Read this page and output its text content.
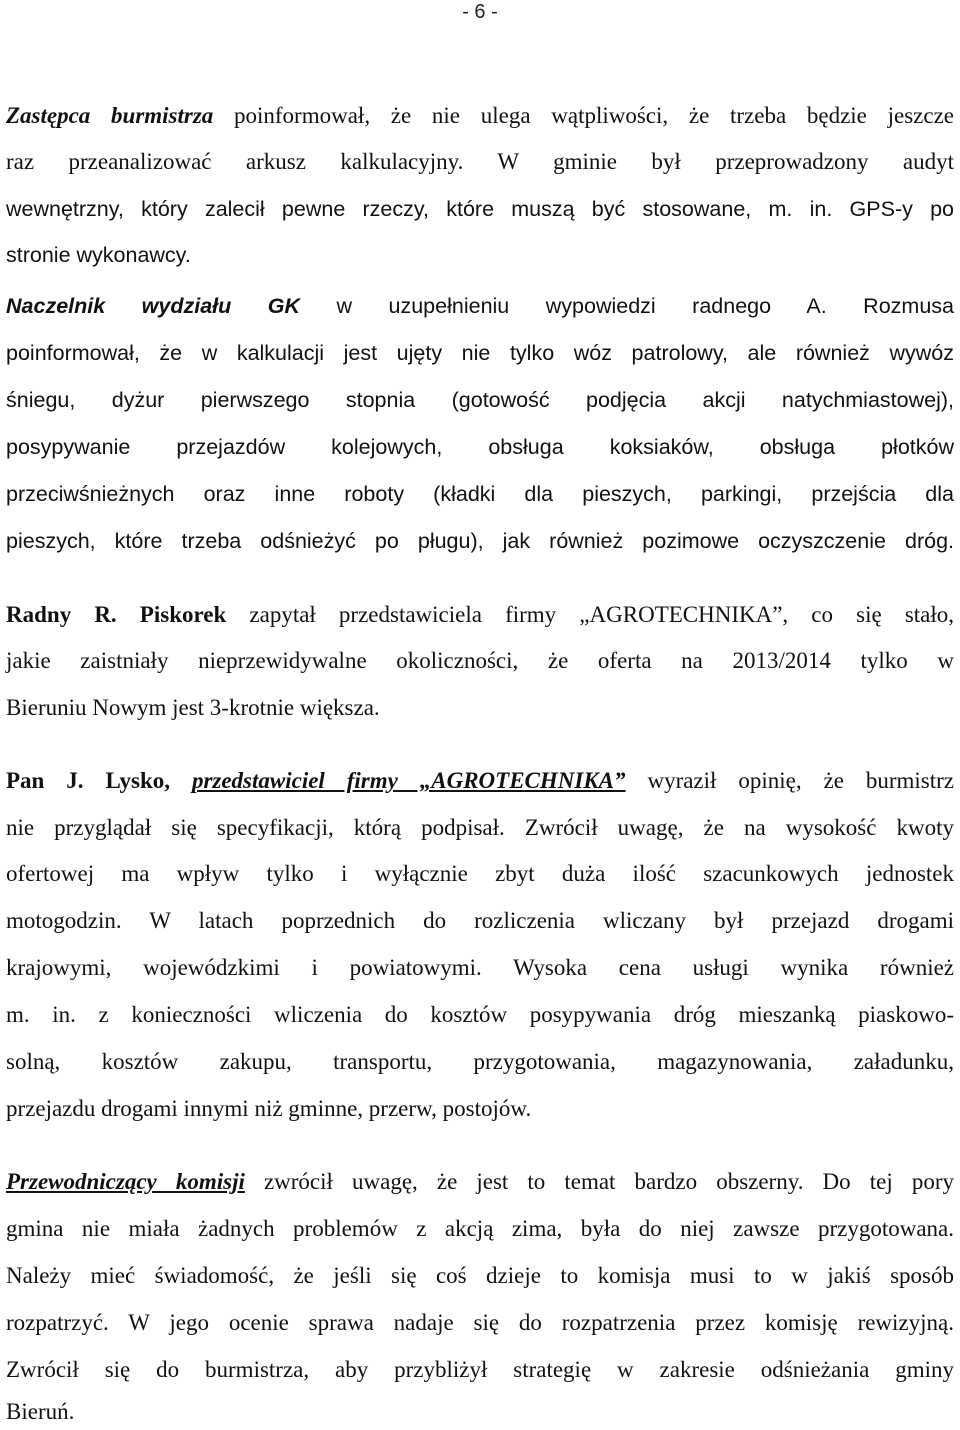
- 6 -
Zastępca burmistrza poinformował, że nie ulega wątpliwości, że trzeba będzie jeszcze
raz przeanalizować arkusz kalkulacyjny. W gminie był przeprowadzony audyt
wewnętrzny, który zalecił pewne rzeczy, które muszą być stosowane, m. in. GPS-y po
stronie wykonawcy.
Naczelnik wydziału GK w uzupełnieniu wypowiedzi radnego A. Rozmusa
poinformował, że w kalkulacji jest ujęty nie tylko wóz patrolowy, ale również wywóz
śniegu, dyżur pierwszego stopnia (gotowość podjęcia akcji natychmiastowej),
posypywanie przejazdów kolejowych, obsługa koksiaków, obsługa płotków
przeciwśnieżnych oraz inne roboty (kładki dla pieszych, parkingi, przejścia dla
pieszych, które trzeba odśnieżyć po pługu), jak również pozimowe oczyszczenie dróg.
Radny R. Piskorek zapytał przedstawiciela firmy „AGROTECHNIKA”, co się stało,
jakie zaistniały nieprzewidywalne okoliczności, że oferta na 2013/2014 tylko w
Bieruniu Nowym jest 3-krotnie większa.
Pan J. Lysko, przedstawiciel firmy „AGROTECHNIKA” wyraził opinię, że burmistrz
nie przyglądał się specyfikacji, którą podpisał. Zwrócił uwagę, że na wysokość kwoty
ofertowej ma wpływ tylko i wyłącznie zbyt duża ilość szacunkowych jednostek
motogodzin. W latach poprzednich do rozliczenia wliczany był przejazd drogami
krajowymi, wojewódzkimi i powiatowymi. Wysoka cena usługi wynika również
m. in. z konieczności wliczenia do kosztów posypywania dróg mieszanką piaskowo-
solną, kosztów zakupu, transportu, przygotowania, magazynowania, załadunku,
przejazdu drogami innymi niż gminne, przerw, postojów.
Przewodniczący komisji zwrócił uwagę, że jest to temat bardzo obszerny. Do tej pory
gmina nie miała żadnych problemów z akcją zima, była do niej zawsze przygotowana.
Należy mieć świadomość, że jeśli się coś dzieje to komisja musi to w jakiś sposób
rozpatrzyć. W jego ocenie sprawa nadaje się do rozpatrzenia przez komisję rewizyjną.
Zwrócił się do burmistrza, aby przybliżył strategię w zakresie odśnieżania gminy
Bieruń.
